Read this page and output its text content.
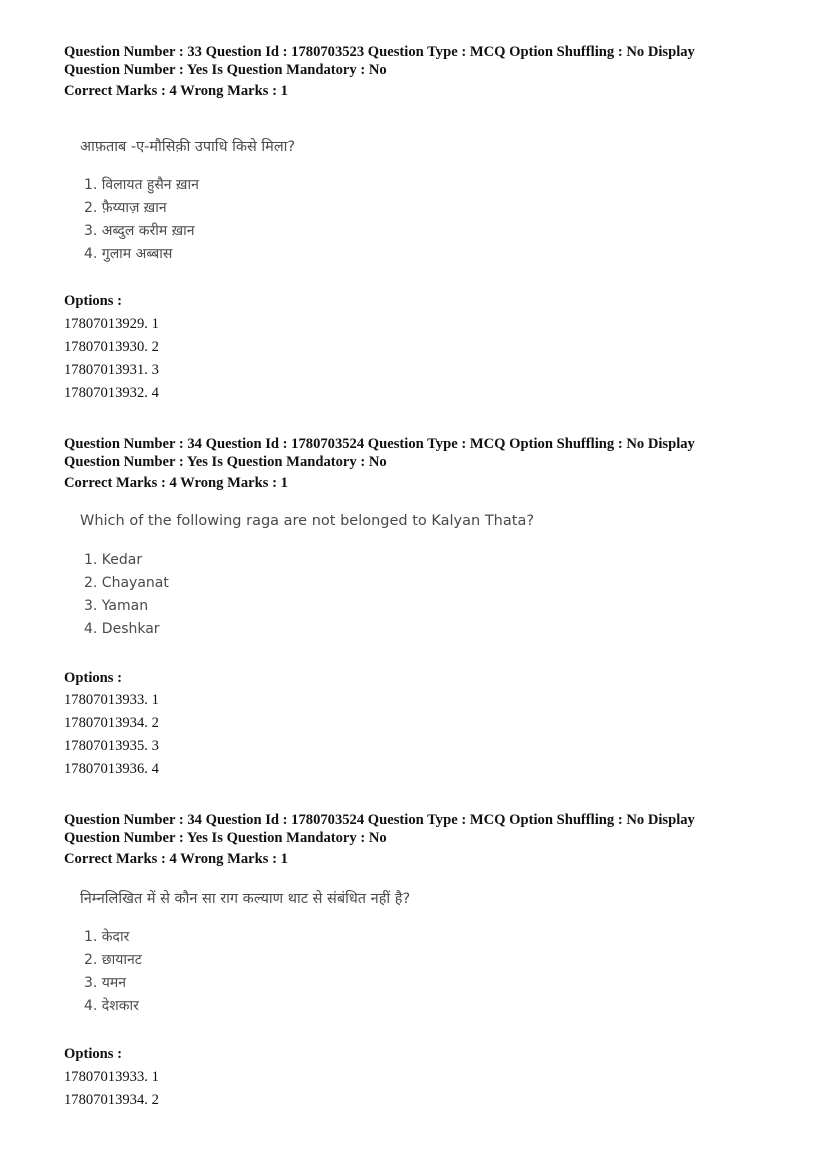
Question Number : 33 Question Id : 1780703523 Question Type : MCQ Option Shuffling : No Display
Question Number : Yes Is Question Mandatory : No
Correct Marks : 4 Wrong Marks : 1
आफ़ताब -ए-मौसिक़ी उपाधि किसे मिला?
1. विलायत हुसैन ख़ान
2. फ़ैय्याज़ ख़ान
3. अब्दुल करीम ख़ान
4. गुलाम अब्बास
Options :
17807013929. 1
17807013930. 2
17807013931. 3
17807013932. 4
Question Number : 34 Question Id : 1780703524 Question Type : MCQ Option Shuffling : No Display
Question Number : Yes Is Question Mandatory : No
Correct Marks : 4 Wrong Marks : 1
Which of the following raga are not belonged to Kalyan Thata?
1. Kedar
2. Chayanat
3. Yaman
4. Deshkar
Options :
17807013933. 1
17807013934. 2
17807013935. 3
17807013936. 4
Question Number : 34 Question Id : 1780703524 Question Type : MCQ Option Shuffling : No Display
Question Number : Yes Is Question Mandatory : No
Correct Marks : 4 Wrong Marks : 1
निम्नलिखित में से कौन सा राग कल्याण थाट से संबंधित नहीं है?
1. केदार
2. छायानट
3. यमन
4. देशकार
Options :
17807013933. 1
17807013934. 2
